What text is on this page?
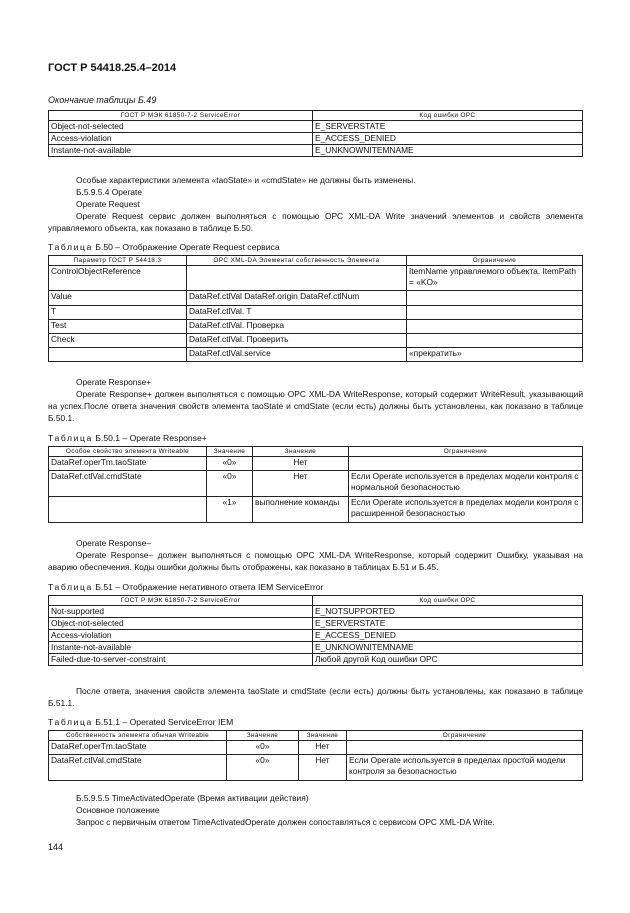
ГОСТ Р 54418.25.4–2014
Окончание таблицы Б.49
ГОСТ Р МЭК 61850-7-2 ServiceError	Код ошибки OPC
Object-not-selected	E_SERVERSTATE
Access-violation	E_ACCESS_DENIED
Instante-not-available	E_UNKNOWNITEMNAME

Особые характеристики элемента «taoState» и «cmdState» не должны быть изменены.

Б.5.9.5.4 Operate

Operate Request

Operate Request сервис должен выполняться с помощью OPC XML-DA Write значений элементов и свойств элемента управляемого объекта, как показано в таблице Б.50.

Таблица Б.50 – Отображение Operate Request сервиса
Параметр ГОСТ Р 54418.3	OPC XML-DA Элемента/ собственность Элемента	Ограничение
ControlObjectReference		ItemName управляемого объекта. ItemPath = «KO»
Value	DataRef.ctlVal DataRef.origin DataRef.ctlNum	
T	DataRef.ctlVal. T	
Test	DataRef.ctlVal. Проверка	
Check	DataRef.ctlVal. Проверить	
	DataRef.ctlVal.service	«прекратить»

Operate Response+

Operate Response+ должен выполняться с помощью OPC XML-DA WriteResponse, который содержит WriteResult, указывающий на успех.После ответа значения свойств элемента taoState и cmdState (если есть) должны быть установлены, как показано в таблице Б.50.1.

Таблица Б.50.1 – Operate Response+
Особое свойство элемента Writeable	Значение	Значение	Ограничение
DataRef.operTm.taoState	«0»	Нет	
DataRef.ctlVal.cmdState	«0»	Нет	Если Operate используется в пределах модели контроля с нормальной безопасностью
	«1»	выполнение команды	Если Operate используется в пределах модели контроля с расширенной безопасностью

Operate Response–

Operate Response– должен выполняться с помощью OPC XML-DA WriteResponse, который содержит Ошибку, указывая на аварию обеспечения. Коды ошибки должны быть отображены, как показано в таблицах Б.51 и Б.45.

Таблица Б.51 – Отображение негативного ответа IEM ServiceError
ГОСТ Р МЭК 61850-7-2 ServiceError	Код ошибки OPC
Not-supported	E_NOTSUPPORTED
Object-not-selected	E_SERVERSTATE
Access-violation	E_ACCESS_DENIED
Instante-not-available	E_UNKNOWNITEMNAME
Failed-due-to-server-constraint	Любой другой Код ошибки OPC

После ответа, значения свойств элемента taoState и cmdState (если есть) должны быть установлены, как показано в таблице Б.51.1.

Таблица Б.51.1 – Operated ServiceError IEM
Собственность элемента обычая Writeable	Значение	Значение	Ограничение
DataRef.operTm.taoState	«0»	Нет	
DataRef.ctlVal.cmdState	«0»	Нет	Если Operate используется в пределах простой модели контроля за безопасностью

Б.5.9.5.5 TimeActivatedOperate (Время активации действия)

Основное положение

Запрос с первичным ответом TimeActivatedOperate должен сопоставляться с сервисом OPC XML-DA Write.

144
